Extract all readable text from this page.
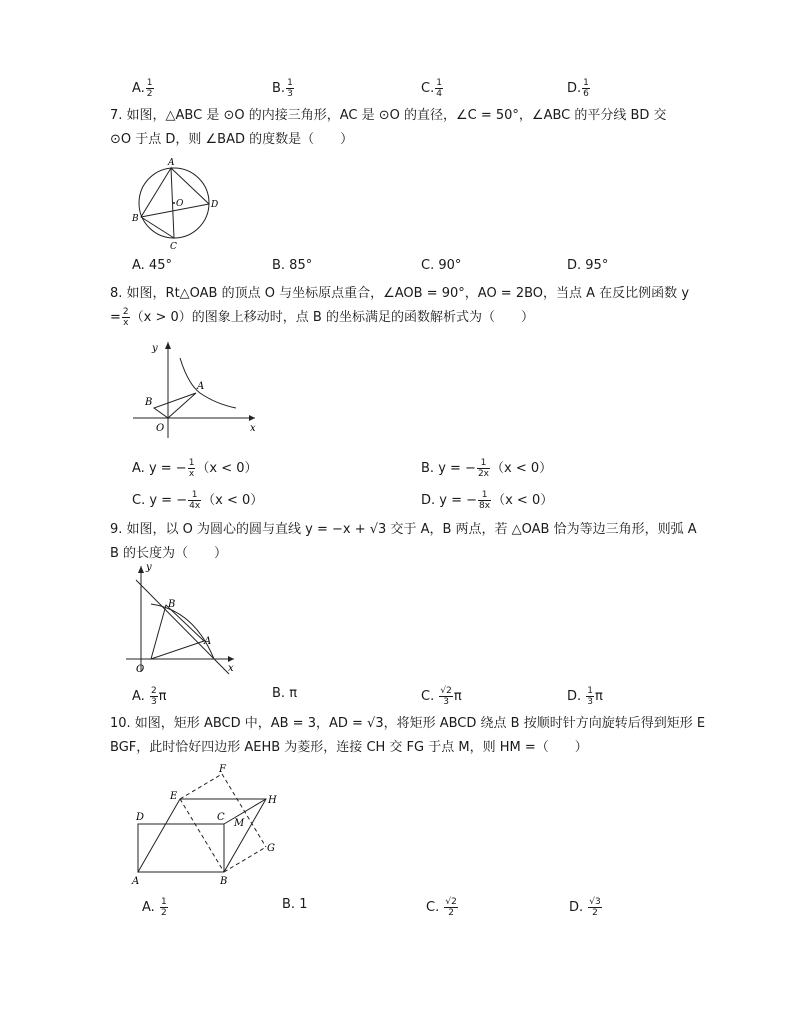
A. $\frac{1}{2}$	B. $\frac{1}{3}$	C. $\frac{1}{4}$	D. $\frac{1}{6}$
7. 如图，△ABC 是 ⊙O 的内接三角形，AC 是 ⊙O 的直径，∠C = 50°，∠ABC 的平分线 BD 交
⊙O 于点 D，则 ∠BAD 的度数是（　　）
A
B
C
D
O
A. 45°	B. 85°	C. 90°	D. 95°
8. 如图，Rt△OAB 的顶点 O 与坐标原点重合，∠AOB = 90°，AO = 2BO，当点 A 在反比例函数 y
= $\frac{2}{x} (x > 0)$的图象上移动时，点 B 的坐标满足的函数解析式为（　　）
y
x
A
B
O
A. y = − $\frac{1}{x} (x < 0)$	B. y = − $\frac{1}{2x} (x < 0)$
C. y = − $\frac{1}{4x} (x < 0)$	D. y = − $\frac{1}{8x} (x < 0)$
9. 如图，以 O 为圆心的圆与直线 y = −x + √3 交于 A，B 两点，若 △OAB 恰为等边三角形，则弧 A
B 的长度为（　　）
y
x
B
A
O
A. $\frac{2}{3}$ π	B. π	C. $\frac{√2}{3}$ π	D. $\frac{1}{3}$ π
10. 如图，矩形 ABCD 中，AB = 3，AD = √3，将矩形 ABCD 绕点 B 按顺时针方向旋转后得到矩形 E
BGF，此时恰好四边形 AEHB 为菱形，连接 CH 交 FG 于点 M，则 HM =（　　）
A	B
C
D
E
F
G
H
M
A. $\frac{1}{2}$	B. 1	C. $\frac{√2}{2}$	D. $\frac{√3}{2}$
